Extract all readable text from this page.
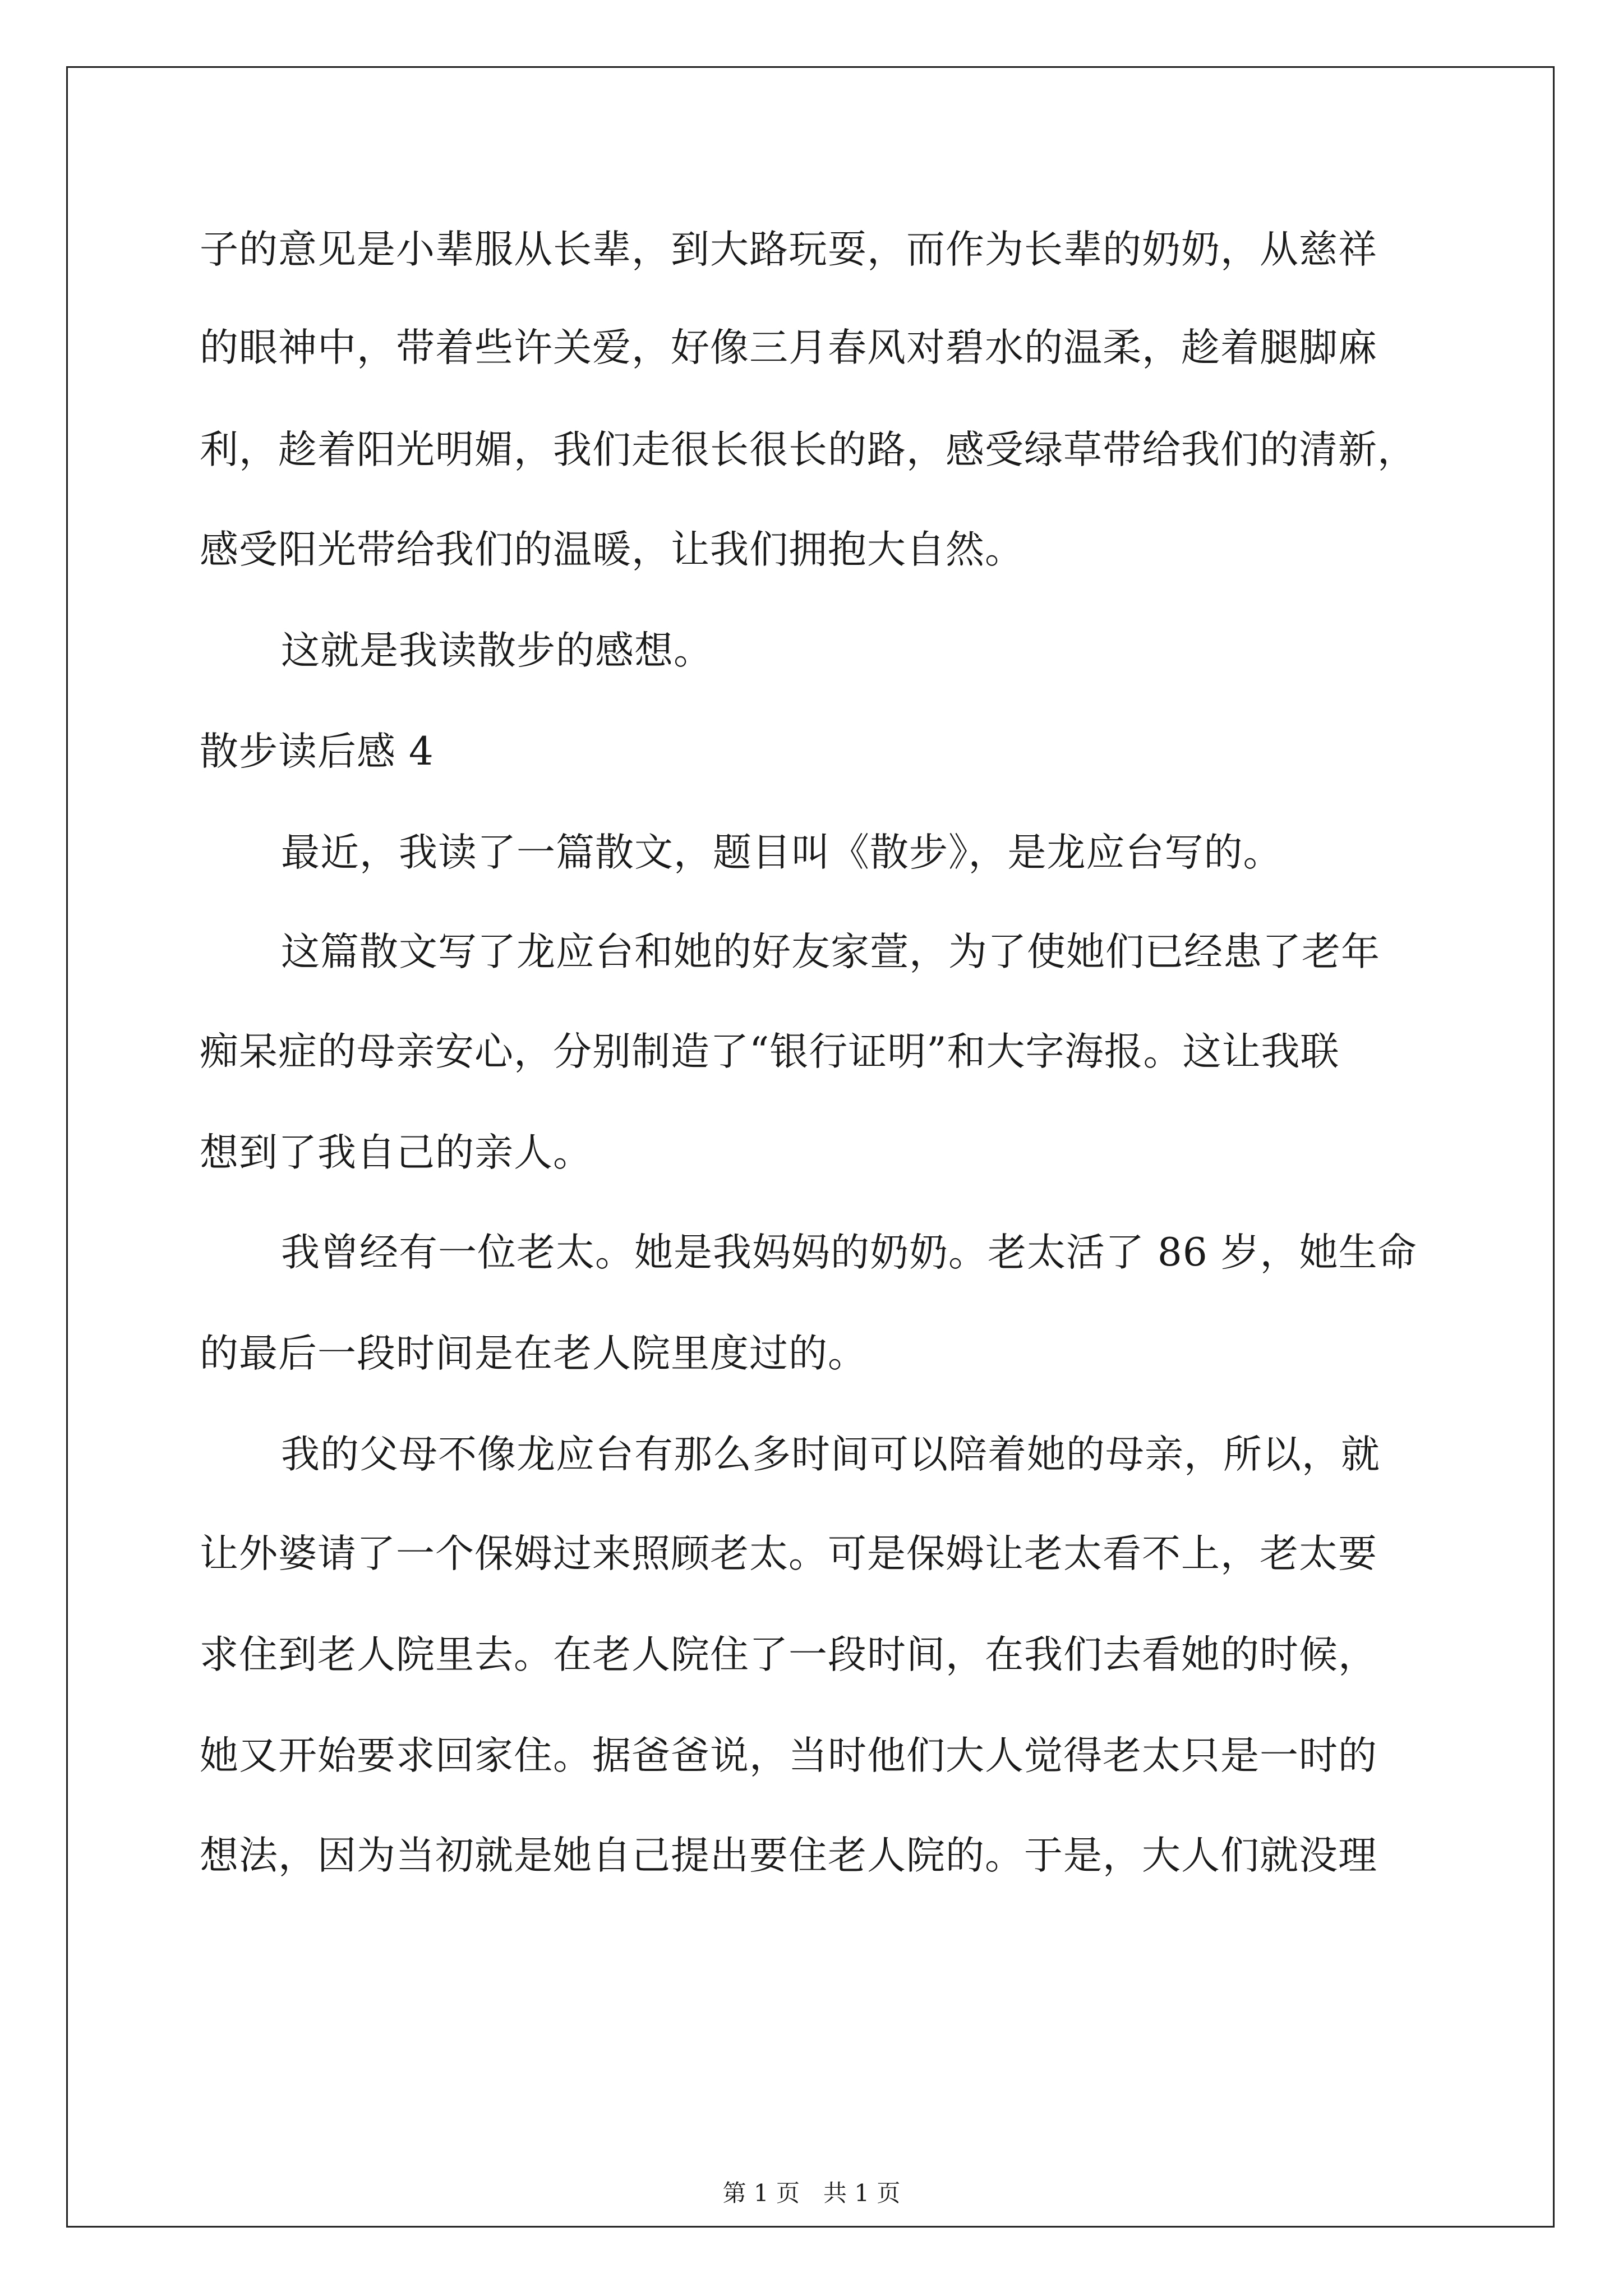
子的意见是小辈服从长辈，到大路玩耍，而作为长辈的奶奶，从慈祥
的眼神中，带着些许关爱，好像三月春风对碧水的温柔，趁着腿脚麻
利，趁着阳光明媚，我们走很长很长的路，感受绿草带给我们的清新，
感受阳光带给我们的温暖，让我们拥抱大自然。
这就是我读散步的感想。
散步读后感 4
最近，我读了一篇散文，题目叫《散步》，是龙应台写的。
这篇散文写了龙应台和她的好友家萱，为了使她们已经患了老年
痴呆症的母亲安心，分别制造了“银行证明”和大字海报。这让我联
想到了我自己的亲人。
我曾经有一位老太。她是我妈妈的奶奶。老太活了 86 岁，她生命
的最后一段时间是在老人院里度过的。
我的父母不像龙应台有那么多时间可以陪着她的母亲，所以，就
让外婆请了一个保姆过来照顾老太。可是保姆让老太看不上，老太要
求住到老人院里去。在老人院住了一段时间，在我们去看她的时候，
她又开始要求回家住。据爸爸说，当时他们大人觉得老太只是一时的
想法，因为当初就是她自己提出要住老人院的。于是，大人们就没理
第 1 页　共 1 页
